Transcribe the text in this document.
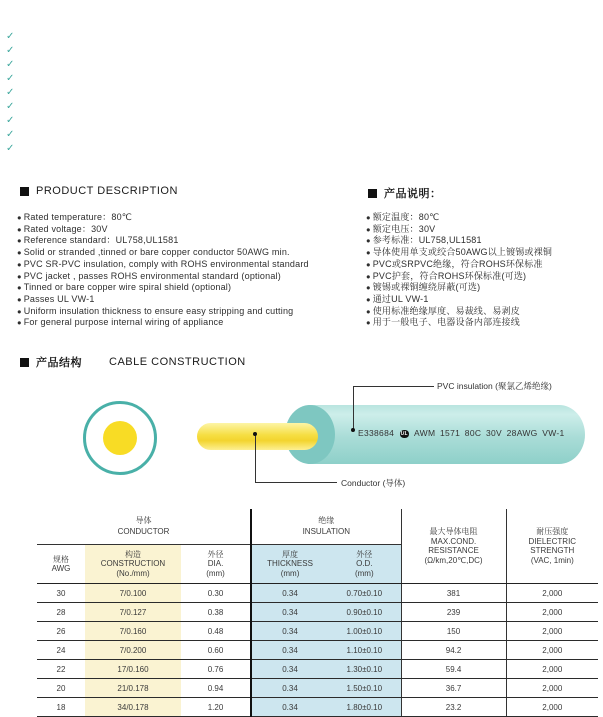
✓
✓
✓
✓
✓
✓
✓
✓
✓
PRODUCT DESCRIPTION
● Rated temperature：80℃
● Rated voltage：30V
● Reference standard：UL758,UL1581
● Solid or stranded ,tinned or bare copper conductor 50AWG min.
● PVC SR-PVC insulation, comply with ROHS environmental standard
● PVC jacket , passes ROHS environmental standard (optional)
● Tinned or bare copper wire spiral shield (optional)
● Passes UL VW-1
● Uniform insulation thickness to ensure easy stripping and cutting
● For general purpose internal wiring of appliance
产品说明：
● 额定温度：80℃
● 额定电压：30V
● 参考标准：UL758,UL1581
● 导体使用单支或绞合50AWG以上镀锡或裸铜
● PVC或SRPVC绝缘，符合ROHS环保标准
● PVC护套，符合ROHS环保标准(可选)
● 镀锡或裸铜缠绕屏蔽(可选)
● 通过UL VW-1
● 使用标准绝缘厚度、易裁线、易剥皮
● 用于一般电子、电器设备内部连接线
产品结构 CABLE CONSTRUCTION
E338684 UL AWM 1571 80C 30V 28AWG VW-1
PVC insulation (聚氯乙烯绝缘)
Conductor (导体)
导体
CONDUCTOR			绝缘
INSULATION		最大导体电阻
MAX.COND.
RESISTANCE
(Ω/km,20℃,DC)	耐压强度
DIELECTRIC
STRENGTH
(VAC, 1min)
规格
AWG	构造
CONSTRUCTION
(No./mm)	外径
DIA.
(mm)	厚度
THICKNESS
(mm)	外径
O.D.
(mm)		
30	7/0.100	0.30	0.34	0.70±0.10	381	2,000
28	7/0.127	0.38	0.34	0.90±0.10	239	2,000
26	7/0.160	0.48	0.34	1.00±0.10	150	2,000
24	7/0.200	0.60	0.34	1.10±0.10	94.2	2,000
22	17/0.160	0.76	0.34	1.30±0.10	59.4	2,000
20	21/0.178	0.94	0.34	1.50±0.10	36.7	2,000
18	34/0.178	1.20	0.34	1.80±0.10	23.2	2,000
